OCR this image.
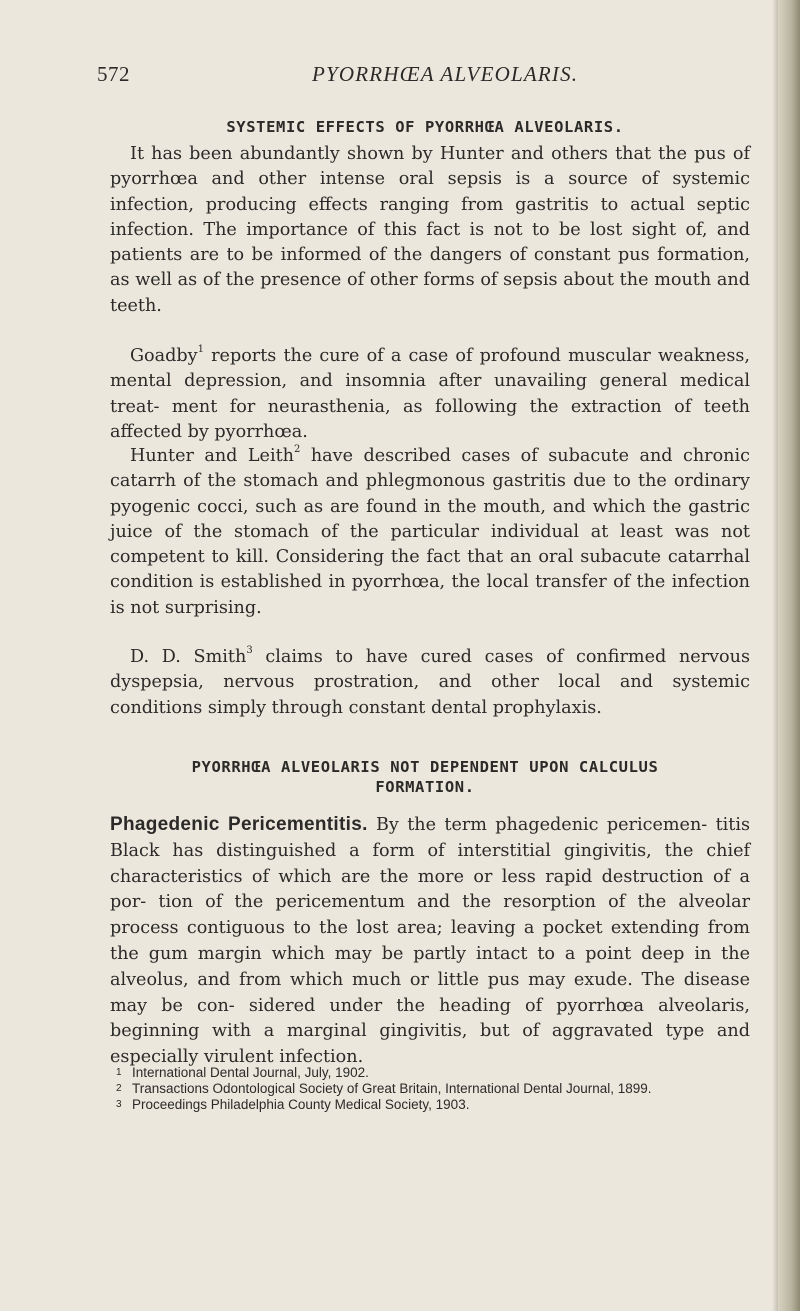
572	PYORRHŒA ALVEOLARIS.
SYSTEMIC EFFECTS OF PYORRHŒA ALVEOLARIS.

It has been abundantly shown by Hunter and others that the pus of pyorrhœa and other intense oral sepsis is a source of systemic infection, producing effects ranging from gastritis to actual septic infection. The importance of this fact is not to be lost sight of, and patients are to be informed of the dangers of constant pus formation, as well as of the presence of other forms of sepsis about the mouth and teeth.

Goadby$^1$ reports the cure of a case of profound muscular weakness, mental depression, and insomnia after unavailing general medical treat- ment for neurasthenia, as following the extraction of teeth affected by pyorrhœa.

Hunter and Leith$^2$ have described cases of subacute and chronic catarrh of the stomach and phlegmonous gastritis due to the ordinary pyogenic cocci, such as are found in the mouth, and which the gastric juice of the stomach of the particular individual at least was not competent to kill. Considering the fact that an oral subacute catarrhal condition is established in pyorrhœa, the local transfer of the infection is not surprising.

D. D. Smith$^3$ claims to have cured cases of confirmed nervous dyspepsia, nervous prostration, and other local and systemic conditions simply through constant dental prophylaxis.

PYORRHŒA ALVEOLARIS NOT DEPENDENT UPON CALCULUS
FORMATION.

Phagedenic Pericementitis. By the term phagedenic pericemen- titis Black has distinguished a form of interstitial gingivitis, the chief characteristics of which are the more or less rapid destruction of a por- tion of the pericementum and the resorption of the alveolar process contiguous to the lost area; leaving a pocket extending from the gum margin which may be partly intact to a point deep in the alveolus, and from which much or little pus may exude. The disease may be con- sidered under the heading of pyorrhœa alveolaris, beginning with a marginal gingivitis, but of aggravated type and especially virulent infection.

1 International Dental Journal, July, 1902.
2 Transactions Odontological Society of Great Britain, International Dental Journal, 1899.
3 Proceedings Philadelphia County Medical Society, 1903.
